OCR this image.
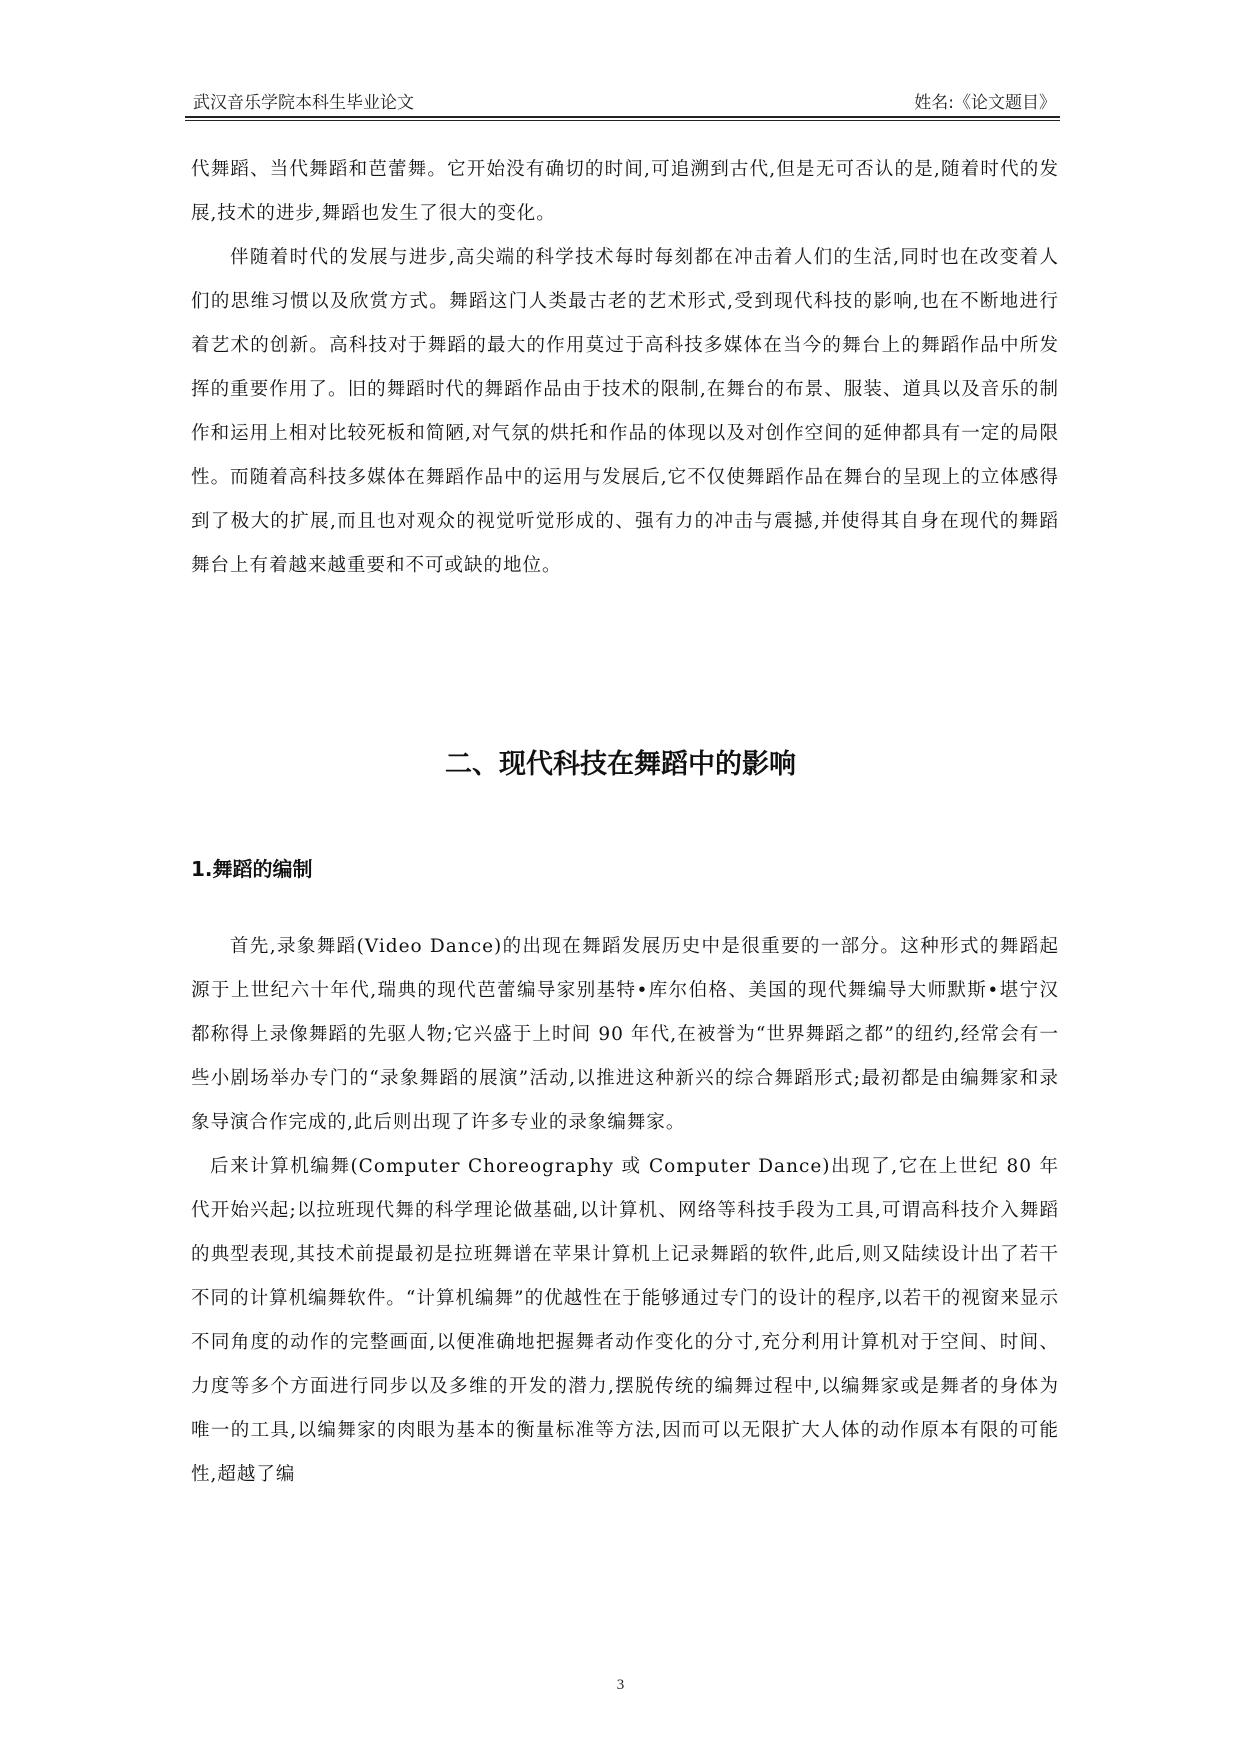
武汉音乐学院本科生毕业论文	姓名:《论文题目》

代舞蹈、当代舞蹈和芭蕾舞。它开始没有确切的时间,可追溯到古代,但是无可否认的是,随着时代的发展,技术的进步,舞蹈也发生了很大的变化。

伴随着时代的发展与进步,高尖端的科学技术每时每刻都在冲击着人们的生活,同时也在改变着人们的思维习惯以及欣赏方式。舞蹈这门人类最古老的艺术形式,受到现代科技的影响,也在不断地进行着艺术的创新。高科技对于舞蹈的最大的作用莫过于高科技多媒体在当今的舞台上的舞蹈作品中所发挥的重要作用了。旧的舞蹈时代的舞蹈作品由于技术的限制,在舞台的布景、服装、道具以及音乐的制作和运用上相对比较死板和简陋,对气氛的烘托和作品的体现以及对创作空间的延伸都具有一定的局限性。而随着高科技多媒体在舞蹈作品中的运用与发展后,它不仅使舞蹈作品在舞台的呈现上的立体感得到了极大的扩展,而且也对观众的视觉听觉形成的、强有力的冲击与震撼,并使得其自身在现代的舞蹈舞台上有着越来越重要和不可或缺的地位。

二、现代科技在舞蹈中的影响
1.舞蹈的编制

首先,录象舞蹈(Video Dance)的出现在舞蹈发展历史中是很重要的一部分。这种形式的舞蹈起源于上世纪六十年代,瑞典的现代芭蕾编导家别基特•库尔伯格、美国的现代舞编导大师默斯•堪宁汉都称得上录像舞蹈的先驱人物;它兴盛于上时间 90 年代,在被誉为“世界舞蹈之都”的纽约,经常会有一些小剧场举办专门的“录象舞蹈的展演”活动,以推进这种新兴的综合舞蹈形式;最初都是由编舞家和录象导演合作完成的,此后则出现了许多专业的录象编舞家。

后来计算机编舞(Computer Choreography 或 Computer Dance)出现了,它在上世纪 80 年代开始兴起;以拉班现代舞的科学理论做基础,以计算机、网络等科技手段为工具,可谓高科技介入舞蹈的典型表现,其技术前提最初是拉班舞谱在苹果计算机上记录舞蹈的软件,此后,则又陆续设计出了若干不同的计算机编舞软件。“计算机编舞”的优越性在于能够通过专门的设计的程序,以若干的视窗来显示不同角度的动作的完整画面,以便准确地把握舞者动作变化的分寸,充分利用计算机对于空间、时间、力度等多个方面进行同步以及多维的开发的潜力,摆脱传统的编舞过程中,以编舞家或是舞者的身体为唯一的工具,以编舞家的肉眼为基本的衡量标准等方法,因而可以无限扩大人体的动作原本有限的可能性,超越了编

3
